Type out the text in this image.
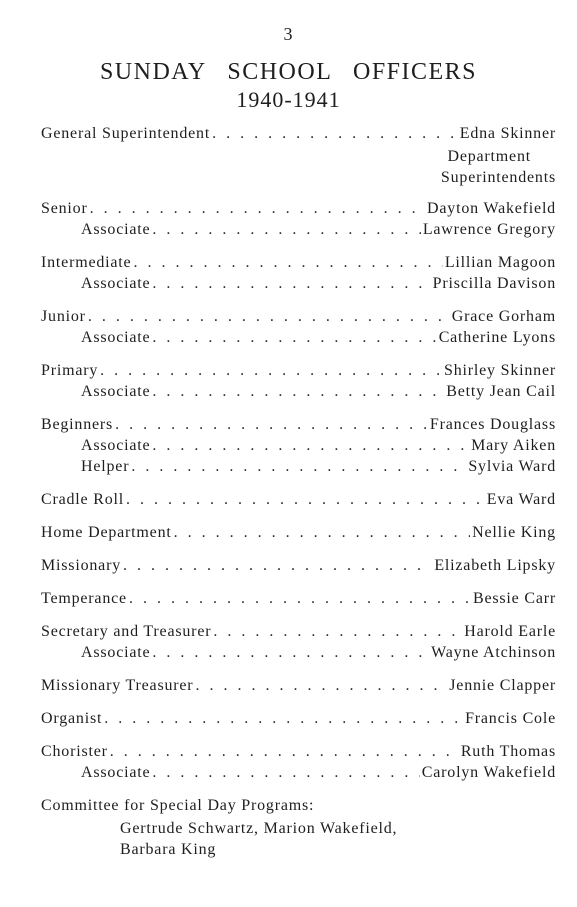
3
SUNDAY SCHOOL OFFICERS
1940-1941
General Superintendent . . .	Edna Skinner
Department
Superintendents
Senior . . .	Dayton Wakefield
Associate . . .	Lawrence Gregory
Intermediate . . .	Lillian Magoon
Associate . . .	Priscilla Davison
Junior . . .	Grace Gorham
Associate . . .	Catherine Lyons
Primary . . .	Shirley Skinner
Associate . . .	Betty Jean Cail
Beginners . . .	Frances Douglass
Associate . . .	Mary Aiken
Helper . . .	Sylvia Ward
Cradle Roll . . .	Eva Ward
Home Department . . .	Nellie King
Missionary . . .	Elizabeth Lipsky
Temperance . . .	Bessie Carr
Secretary and Treasurer . . .	Harold Earle
Associate . . .	Wayne Atchinson
Missionary Treasurer . . .	Jennie Clapper
Organist . . .	Francis Cole
Chorister . . .	Ruth Thomas
Associate . . .	Carolyn Wakefield
Committee for Special Day Programs:
Gertrude Schwartz, Marion Wakefield,
Barbara King
